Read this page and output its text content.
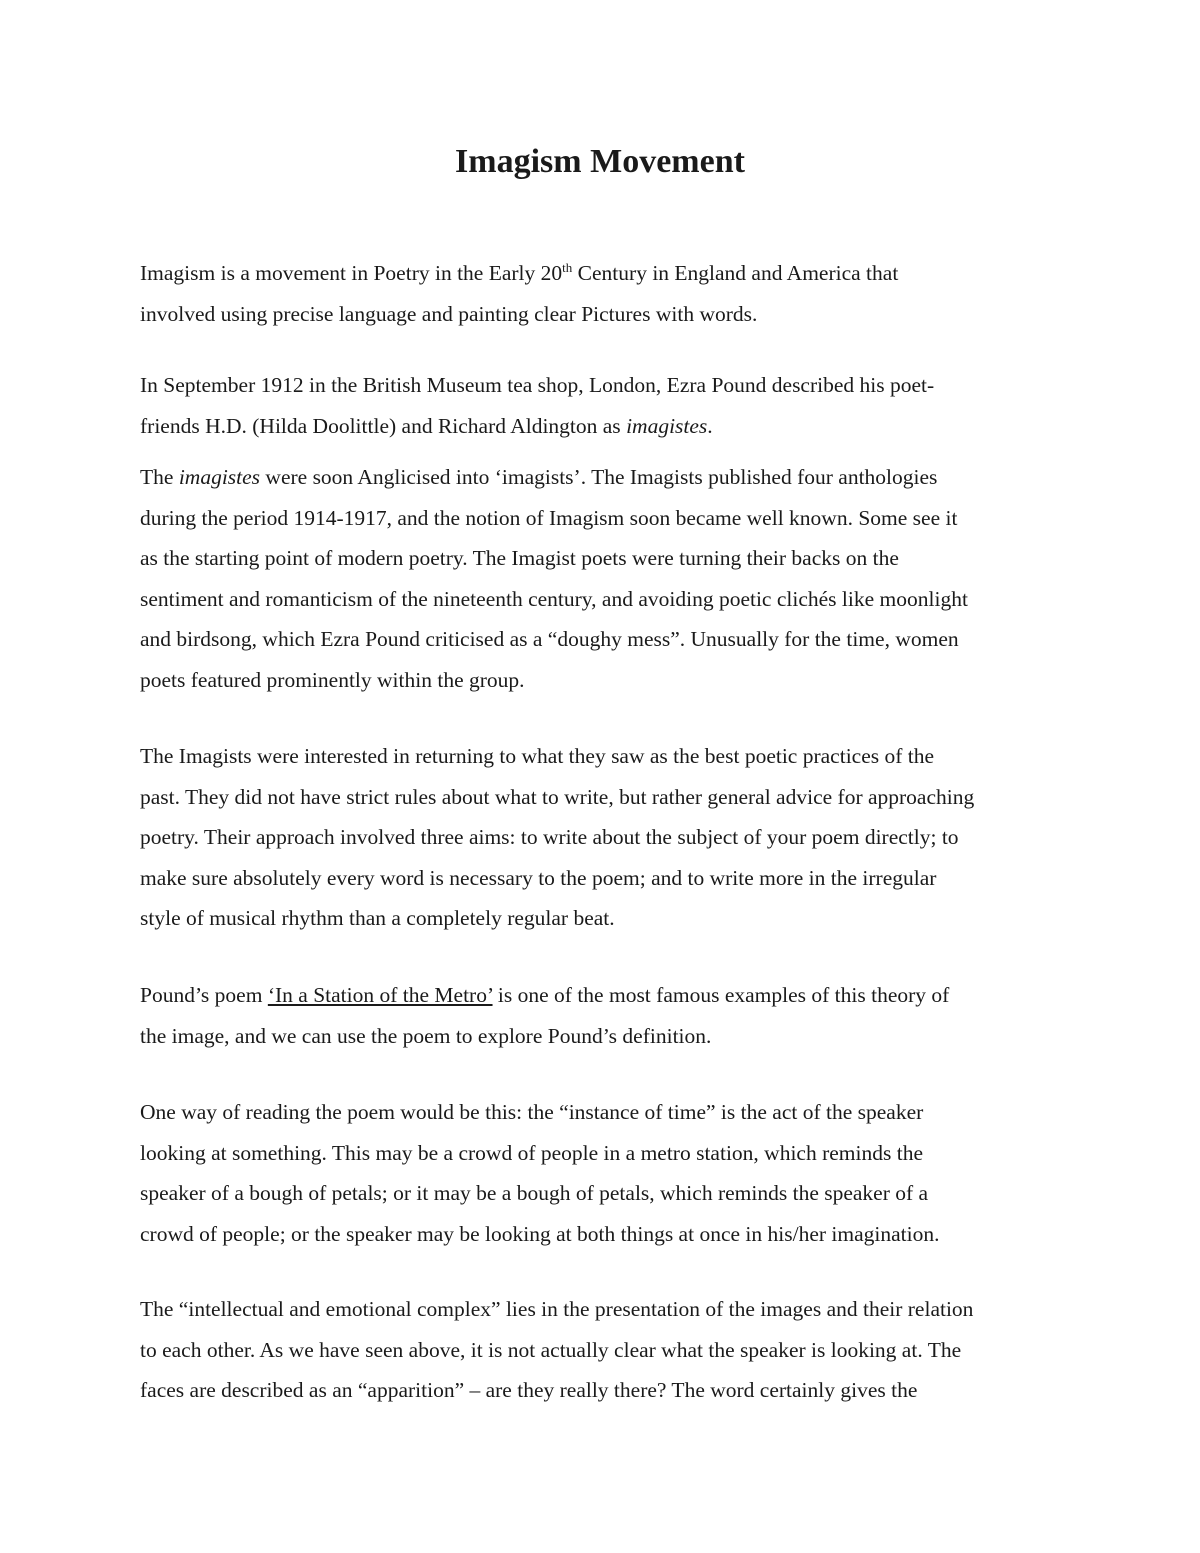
Imagism Movement
Imagism is a movement in Poetry in the Early 20th Century in England and America that
involved using precise language and painting clear Pictures with words.
In September 1912 in the British Museum tea shop, London, Ezra Pound described his poet-
friends H.D. (Hilda Doolittle) and Richard Aldington as imagistes.
The imagistes were soon Anglicised into ‘imagists’. The Imagists published four anthologies
during the period 1914-1917, and the notion of Imagism soon became well known. Some see it
as the starting point of modern poetry. The Imagist poets were turning their backs on the
sentiment and romanticism of the nineteenth century, and avoiding poetic clichés like moonlight
and birdsong, which Ezra Pound criticised as a “doughy mess”. Unusually for the time, women
poets featured prominently within the group.
The Imagists were interested in returning to what they saw as the best poetic practices of the
past. They did not have strict rules about what to write, but rather general advice for approaching
poetry. Their approach involved three aims: to write about the subject of your poem directly; to
make sure absolutely every word is necessary to the poem; and to write more in the irregular
style of musical rhythm than a completely regular beat.
Pound’s poem ‘In a Station of the Metro’ is one of the most famous examples of this theory of
the image, and we can use the poem to explore Pound’s definition.
One way of reading the poem would be this: the “instance of time” is the act of the speaker
looking at something. This may be a crowd of people in a metro station, which reminds the
speaker of a bough of petals; or it may be a bough of petals, which reminds the speaker of a
crowd of people; or the speaker may be looking at both things at once in his/her imagination.
The “intellectual and emotional complex” lies in the presentation of the images and their relation
to each other. As we have seen above, it is not actually clear what the speaker is looking at. The
faces are described as an “apparition” – are they really there? The word certainly gives the
